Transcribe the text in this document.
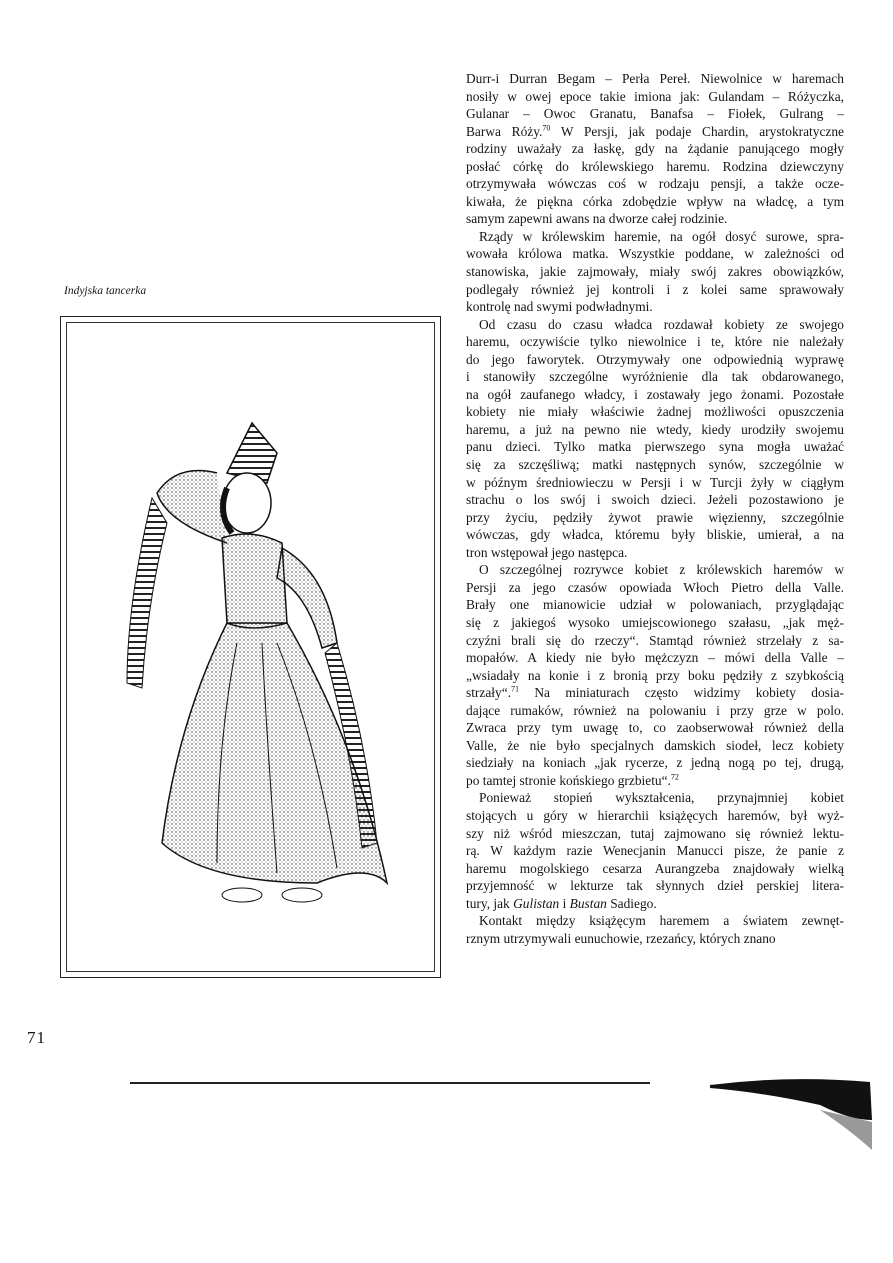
Indyjska tancerka
Durr-i Durran Begam – Perła Pereł. Niewolnice w haremach
nosiły w owej epoce takie imiona jak: Gulandam – Różyczka,
Gulanar – Owoc Granatu, Banafsa – Fiołek, Gulrang –
Barwa Róży.$^{70}$ W Persji, jak podaje Chardin, arystokratyczne
rodziny uważały za łaskę, gdy na żądanie panującego mogły
posłać córkę do królewskiego haremu. Rodzina dziewczyny
otrzymywała wówczas coś w rodzaju pensji, a także ocze-
kiwała, że piękna córka zdobędzie wpływ na władcę, a tym
samym zapewni awans na dworze całej rodzinie.
Rządy w królewskim haremie, na ogół dosyć surowe, spra-
wowała królowa matka. Wszystkie poddane, w zależności od
stanowiska, jakie zajmowały, miały swój zakres obowiązków,
podlegały również jej kontroli i z kolei same sprawowały
kontrolę nad swymi podwładnymi.
Od czasu do czasu władca rozdawał kobiety ze swojego
haremu, oczywiście tylko niewolnice i te, które nie należały
do jego faworytek. Otrzymywały one odpowiednią wyprawę
i stanowiły szczególne wyróżnienie dla tak obdarowanego,
na ogół zaufanego władcy, i zostawały jego żonami. Pozostałe
kobiety nie miały właściwie żadnej możliwości opuszczenia
haremu, a już na pewno nie wtedy, kiedy urodziły swojemu
panu dzieci. Tylko matka pierwszego syna mogła uważać
się za szczęśliwą; matki następnych synów, szczególnie w
w późnym średniowieczu w Persji i w Turcji żyły w ciągłym
strachu o los swój i swoich dzieci. Jeżeli pozostawiono je
przy życiu, pędziły żywot prawie więzienny, szczególnie
wówczas, gdy władca, któremu były bliskie, umierał, a na
tron wstępował jego następca.
O szczególnej rozrywce kobiet z królewskich haremów w
Persji za jego czasów opowiada Włoch Pietro della Valle.
Brały one mianowicie udział w polowaniach, przyglądając
się z jakiegoś wysoko umiejscowionego szałasu, „jak męż-
czyźni brali się do rzeczy“. Stamtąd również strzelały z sa-
mopałów. A kiedy nie było mężczyzn – mówi della Valle –
„wsiadały na konie i z bronią przy boku pędziły z szybkością
strzały“.$^{71}$ Na miniaturach często widzimy kobiety dosia-
dające rumaków, również na polowaniu i przy grze w polo.
Zwraca przy tym uwagę to, co zaobserwował również della
Valle, że nie było specjalnych damskich siodeł, lecz kobiety
siedziały na koniach „jak rycerze, z jedną nogą po tej, drugą,
po tamtej stronie końskiego grzbietu“.$^{72}$
Ponieważ stopień wykształcenia, przynajmniej kobiet
stojących u góry w hierarchii książęcych haremów, był wyż-
szy niż wśród mieszczan, tutaj zajmowano się również lektu-
rą. W każdym razie Wenecjanin Manucci pisze, że panie z
haremu mogolskiego cesarza Aurangzeba znajdowały wielką
przyjemność w lekturze tak słynnych dzieł perskiej litera-
tury, jak Gulistan i Bustan Sadiego.
Kontakt między książęcym haremem a światem zewnęt-
rznym utrzymywali eunuchowie, rzezańcy, których znano
71
